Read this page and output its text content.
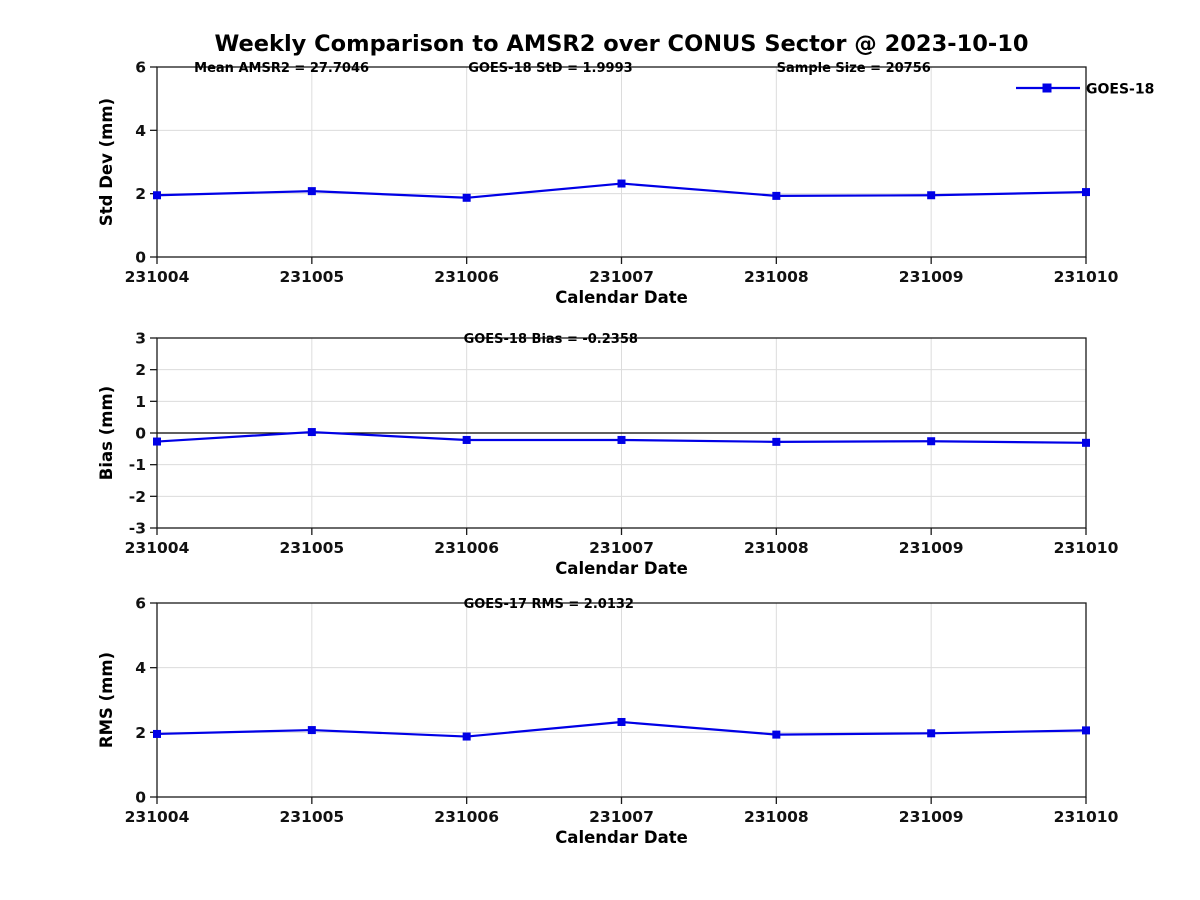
Weekly Comparison to AMSR2 over CONUS Sector @ 2023-10-10
231004	231005	231006	231007	231008	231009	231010
0
2
4
6
Calendar Date
Std Dev (mm)
Mean AMSR2 = 27.7046	GOES-18 StD = 1.9993	Sample Size = 20756
GOES-18
231004	231005	231006	231007	231008	231009	231010
-3
-2
-1
0
1
2
3
Calendar Date
Bias (mm)
GOES-18 Bias = -0.2358
231004	231005	231006	231007	231008	231009	231010
0
2
4
6
Calendar Date
RMS (mm)
GOES-17 RMS = 2.0132
